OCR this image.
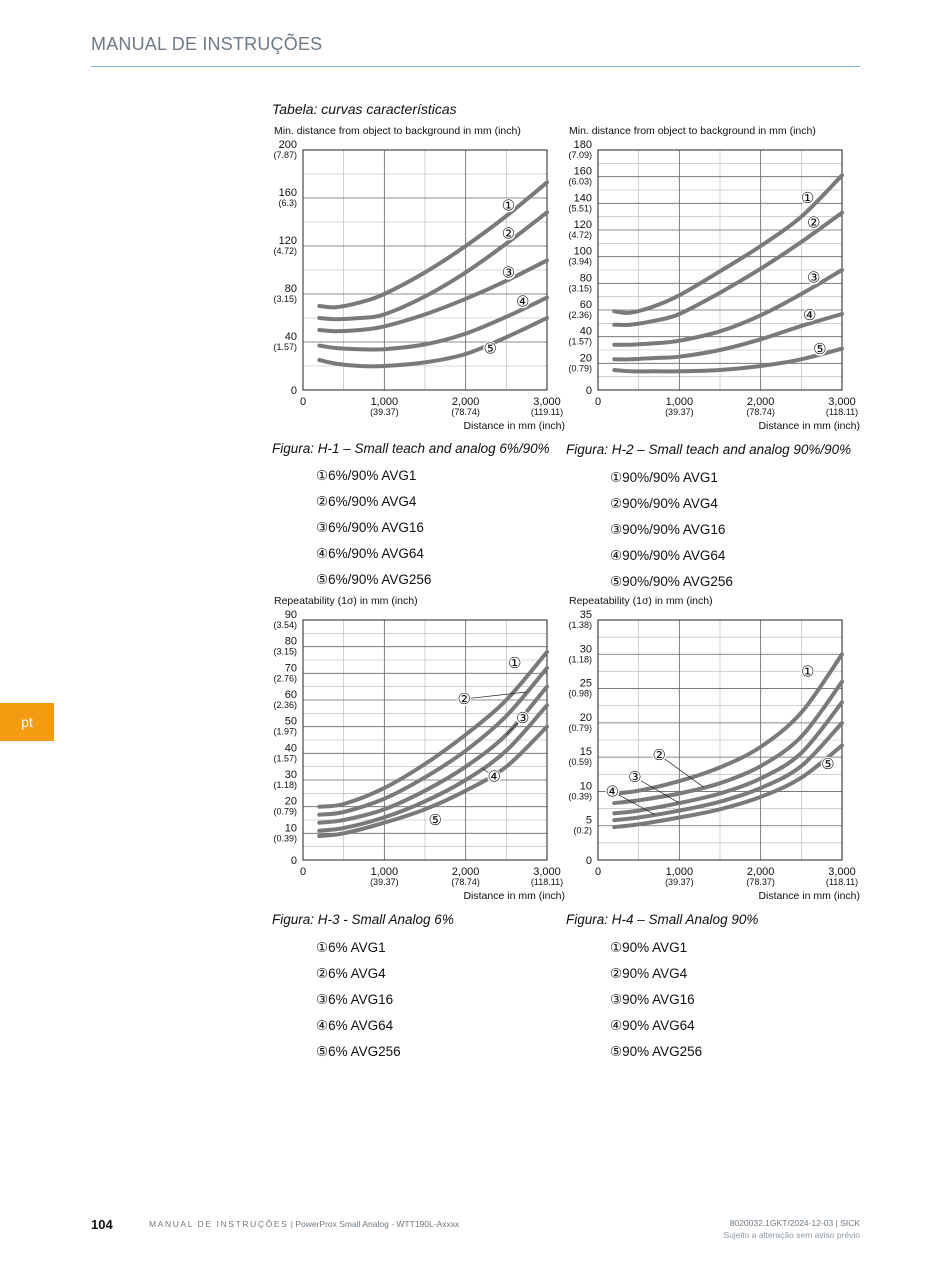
MANUAL DE INSTRUÇÕES
pt
Tabela: curvas características
Min. distance from object to background in mm (inch)
Distance in mm (inch)
0
40
(1.57)
80
(3.15)
120
(4.72)
160
(6.3)
200
(7.87)
0	1,000
(39.37)
2,000
(78.74)
3,000
(119.11)
①
②
③
④
⑤
Min. distance from object to background in mm (inch)
Distance in mm (inch)
0
20
(0.79)
40
(1.57)
60
(2.36)
80
(3.15)
100
(3.94)
120
(4.72)
140
(5.51)
160
(6.03)
180
(7.09)
0	1,000
(39.37)
2,000
(78.74)
3,000
(118.11)
①
②
③
④
⑤
Repeatability (1σ) in mm (inch)
Distance in mm (inch)
0
10
(0.39)
20
(0.79)
30
(1.18)
40
(1.57)
50
(1.97)
60
(2.36)
70
(2.76)
80
(3.15)
90
(3.54)
0	1,000
(39.37)
2,000
(78.74)
3,000
(118.11)
①
②
③
④
⑤
Repeatability (1σ) in mm (inch)
Distance in mm (inch)
0
5
(0.2)
10
(0.39)
15
(0.59)
20
(0.79)
25
(0.98)
30
(1.18)
35
(1.38)
0	1,000
(39.37)
2,000
(78.37)
3,000
(118.11)
①
②
③
④
⑤
Figura: H-1 – Small teach and analog 6%/90%
①6%/90% AVG1
②6%/90% AVG4
③6%/90% AVG16
④6%/90% AVG64
⑤6%/90% AVG256
Figura: H-2 – Small teach and analog 90%/90%
①90%/90% AVG1
②90%/90% AVG4
③90%/90% AVG16
④90%/90% AVG64
⑤90%/90% AVG256
Figura: H-3 - Small Analog 6%
①6% AVG1
②6% AVG4
③6% AVG16
④6% AVG64
⑤6% AVG256
Figura: H-4 – Small Analog 90%
①90% AVG1
②90% AVG4
③90% AVG16
④90% AVG64
⑤90% AVG256
104	MANUAL DE INSTRUÇÕES | PowerProx Small Analog - WTT190L-Axxxx	8020032.1GKT/2024-12-03 | SICK
Sujeito a alteração sem aviso prévio
